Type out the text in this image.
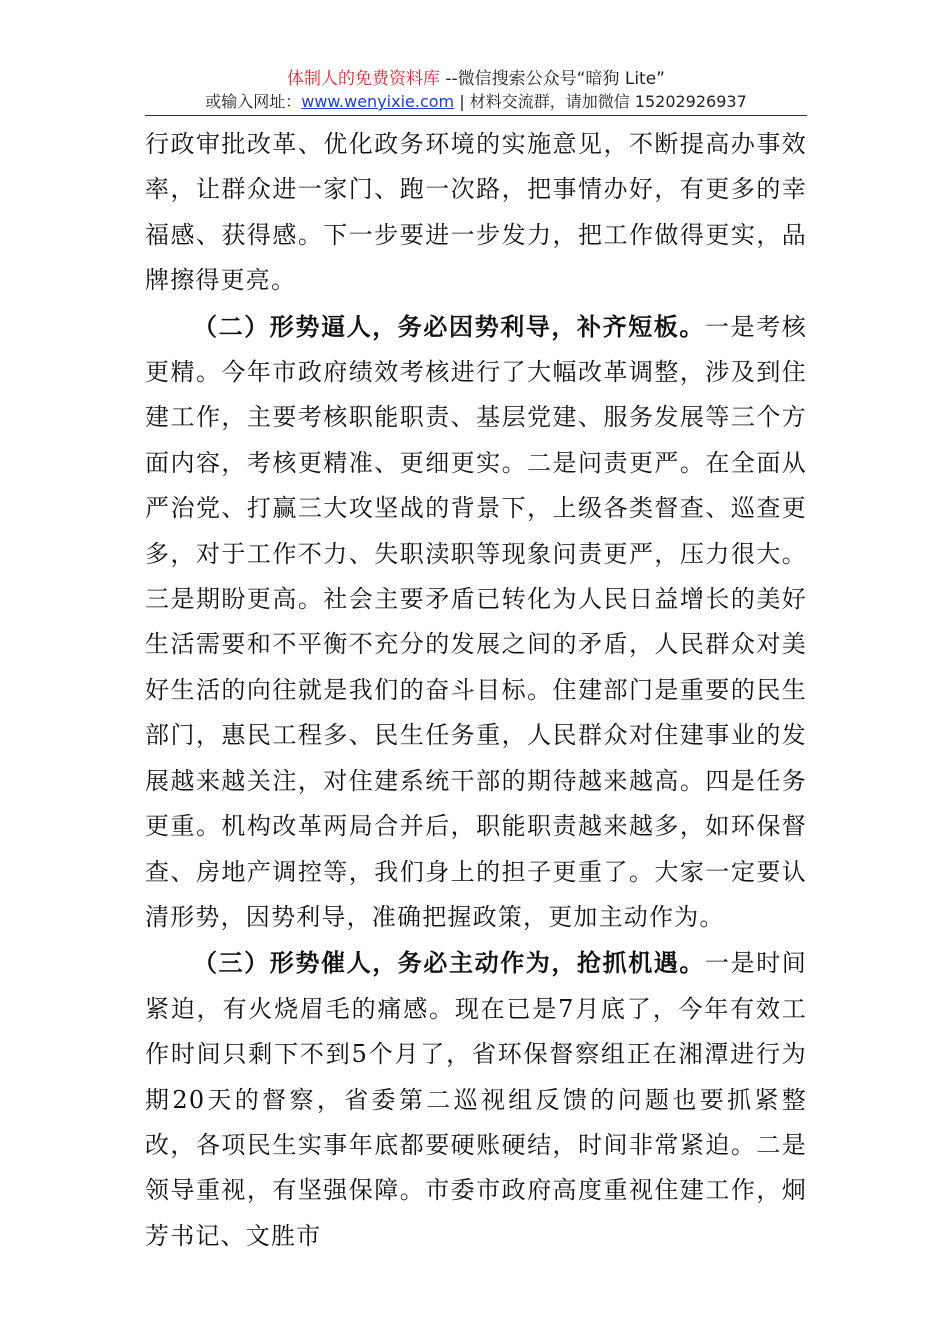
体制人的免费资料库 --微信搜索公众号“暗狗 Lite”
或输入网址：www.wenyixie.com | 材料交流群，请加微信 15202926937

行政审批改革、优化政务环境的实施意见，不断提高办事效率，让群众进一家门、跑一次路，把事情办好，有更多的幸福感、获得感。下一步要进一步发力，把工作做得更实，品牌擦得更亮。

（二）形势逼人，务必因势利导，补齐短板。一是考核更精。今年市政府绩效考核进行了大幅改革调整，涉及到住建工作，主要考核职能职责、基层党建、服务发展等三个方面内容，考核更精准、更细更实。二是问责更严。在全面从严治党、打赢三大攻坚战的背景下，上级各类督查、巡查更多，对于工作不力、失职渎职等现象问责更严，压力很大。三是期盼更高。社会主要矛盾已转化为人民日益增长的美好生活需要和不平衡不充分的发展之间的矛盾，人民群众对美好生活的向往就是我们的奋斗目标。住建部门是重要的民生部门，惠民工程多、民生任务重，人民群众对住建事业的发展越来越关注，对住建系统干部的期待越来越高。四是任务更重。机构改革两局合并后，职能职责越来越多，如环保督查、房地产调控等，我们身上的担子更重了。大家一定要认清形势，因势利导，准确把握政策，更加主动作为。

（三）形势催人，务必主动作为，抢抓机遇。一是时间紧迫，有火烧眉毛的痛感。现在已是7月底了，今年有效工作时间只剩下不到5个月了，省环保督察组正在湘潭进行为期20天的督察，省委第二巡视组反馈的问题也要抓紧整改，各项民生实事年底都要硬账硬结，时间非常紧迫。二是领导重视，有坚强保障。市委市政府高度重视住建工作，炯芳书记、文胜市
